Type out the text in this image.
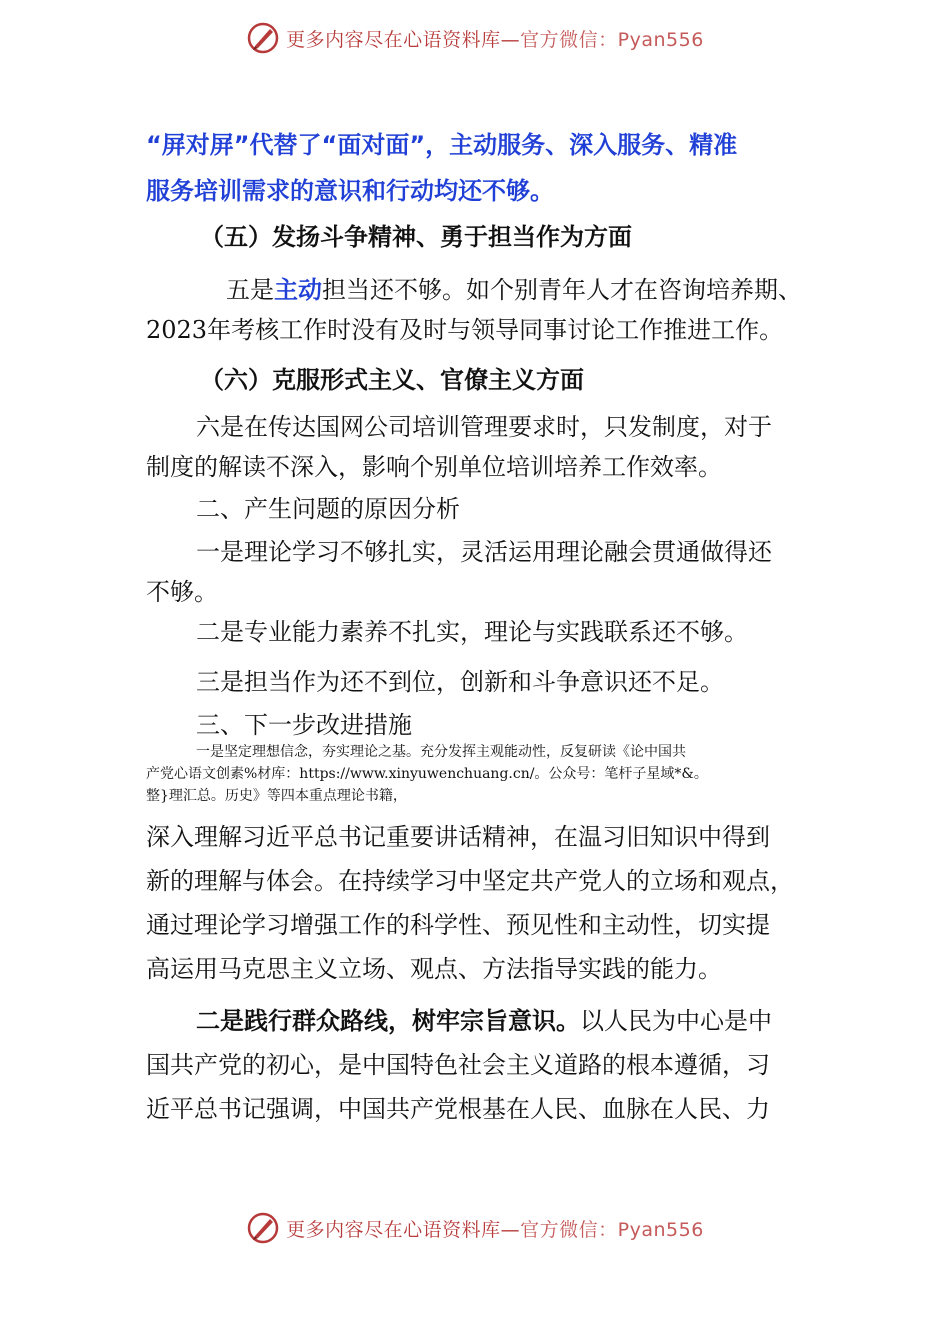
更多内容尽在心语资料库—官方微信：Pyan556
“屏对屏”代替了“面对面”，主动服务、深入服务、精准
服务培训需求的意识和行动均还不够。
（五）发扬斗争精神、勇于担当作为方面
五是主动担当还不够。如个别青年人才在咨询培养期、
2023年考核工作时没有及时与领导同事讨论工作推进工作。
（六）克服形式主义、官僚主义方面
六是在传达国网公司培训管理要求时，只发制度，对于
制度的解读不深入，影响个别单位培训培养工作效率。
二、产生问题的原因分析
一是理论学习不够扎实，灵活运用理论融会贯通做得还
不够。
二是专业能力素养不扎实，理论与实践联系还不够。
三是担当作为还不到位，创新和斗争意识还不足。
三、下一步改进措施
一是坚定理想信念，夯实理论之基。充分发挥主观能动性，反复研读《论中国共
产党心语文创素%材库：https://www.xinyuwenchuang.cn/。公众号：笔杆子星域*&。
整}理汇总。历史》等四本重点理论书籍，
深入理解习近平总书记重要讲话精神，在温习旧知识中得到
新的理解与体会。在持续学习中坚定共产党人的立场和观点，
通过理论学习增强工作的科学性、预见性和主动性，切实提
高运用马克思主义立场、观点、方法指导实践的能力。
二是践行群众路线，树牢宗旨意识。以人民为中心是中
国共产党的初心，是中国特色社会主义道路的根本遵循，习
近平总书记强调，中国共产党根基在人民、血脉在人民、力
更多内容尽在心语资料库—官方微信：Pyan556
